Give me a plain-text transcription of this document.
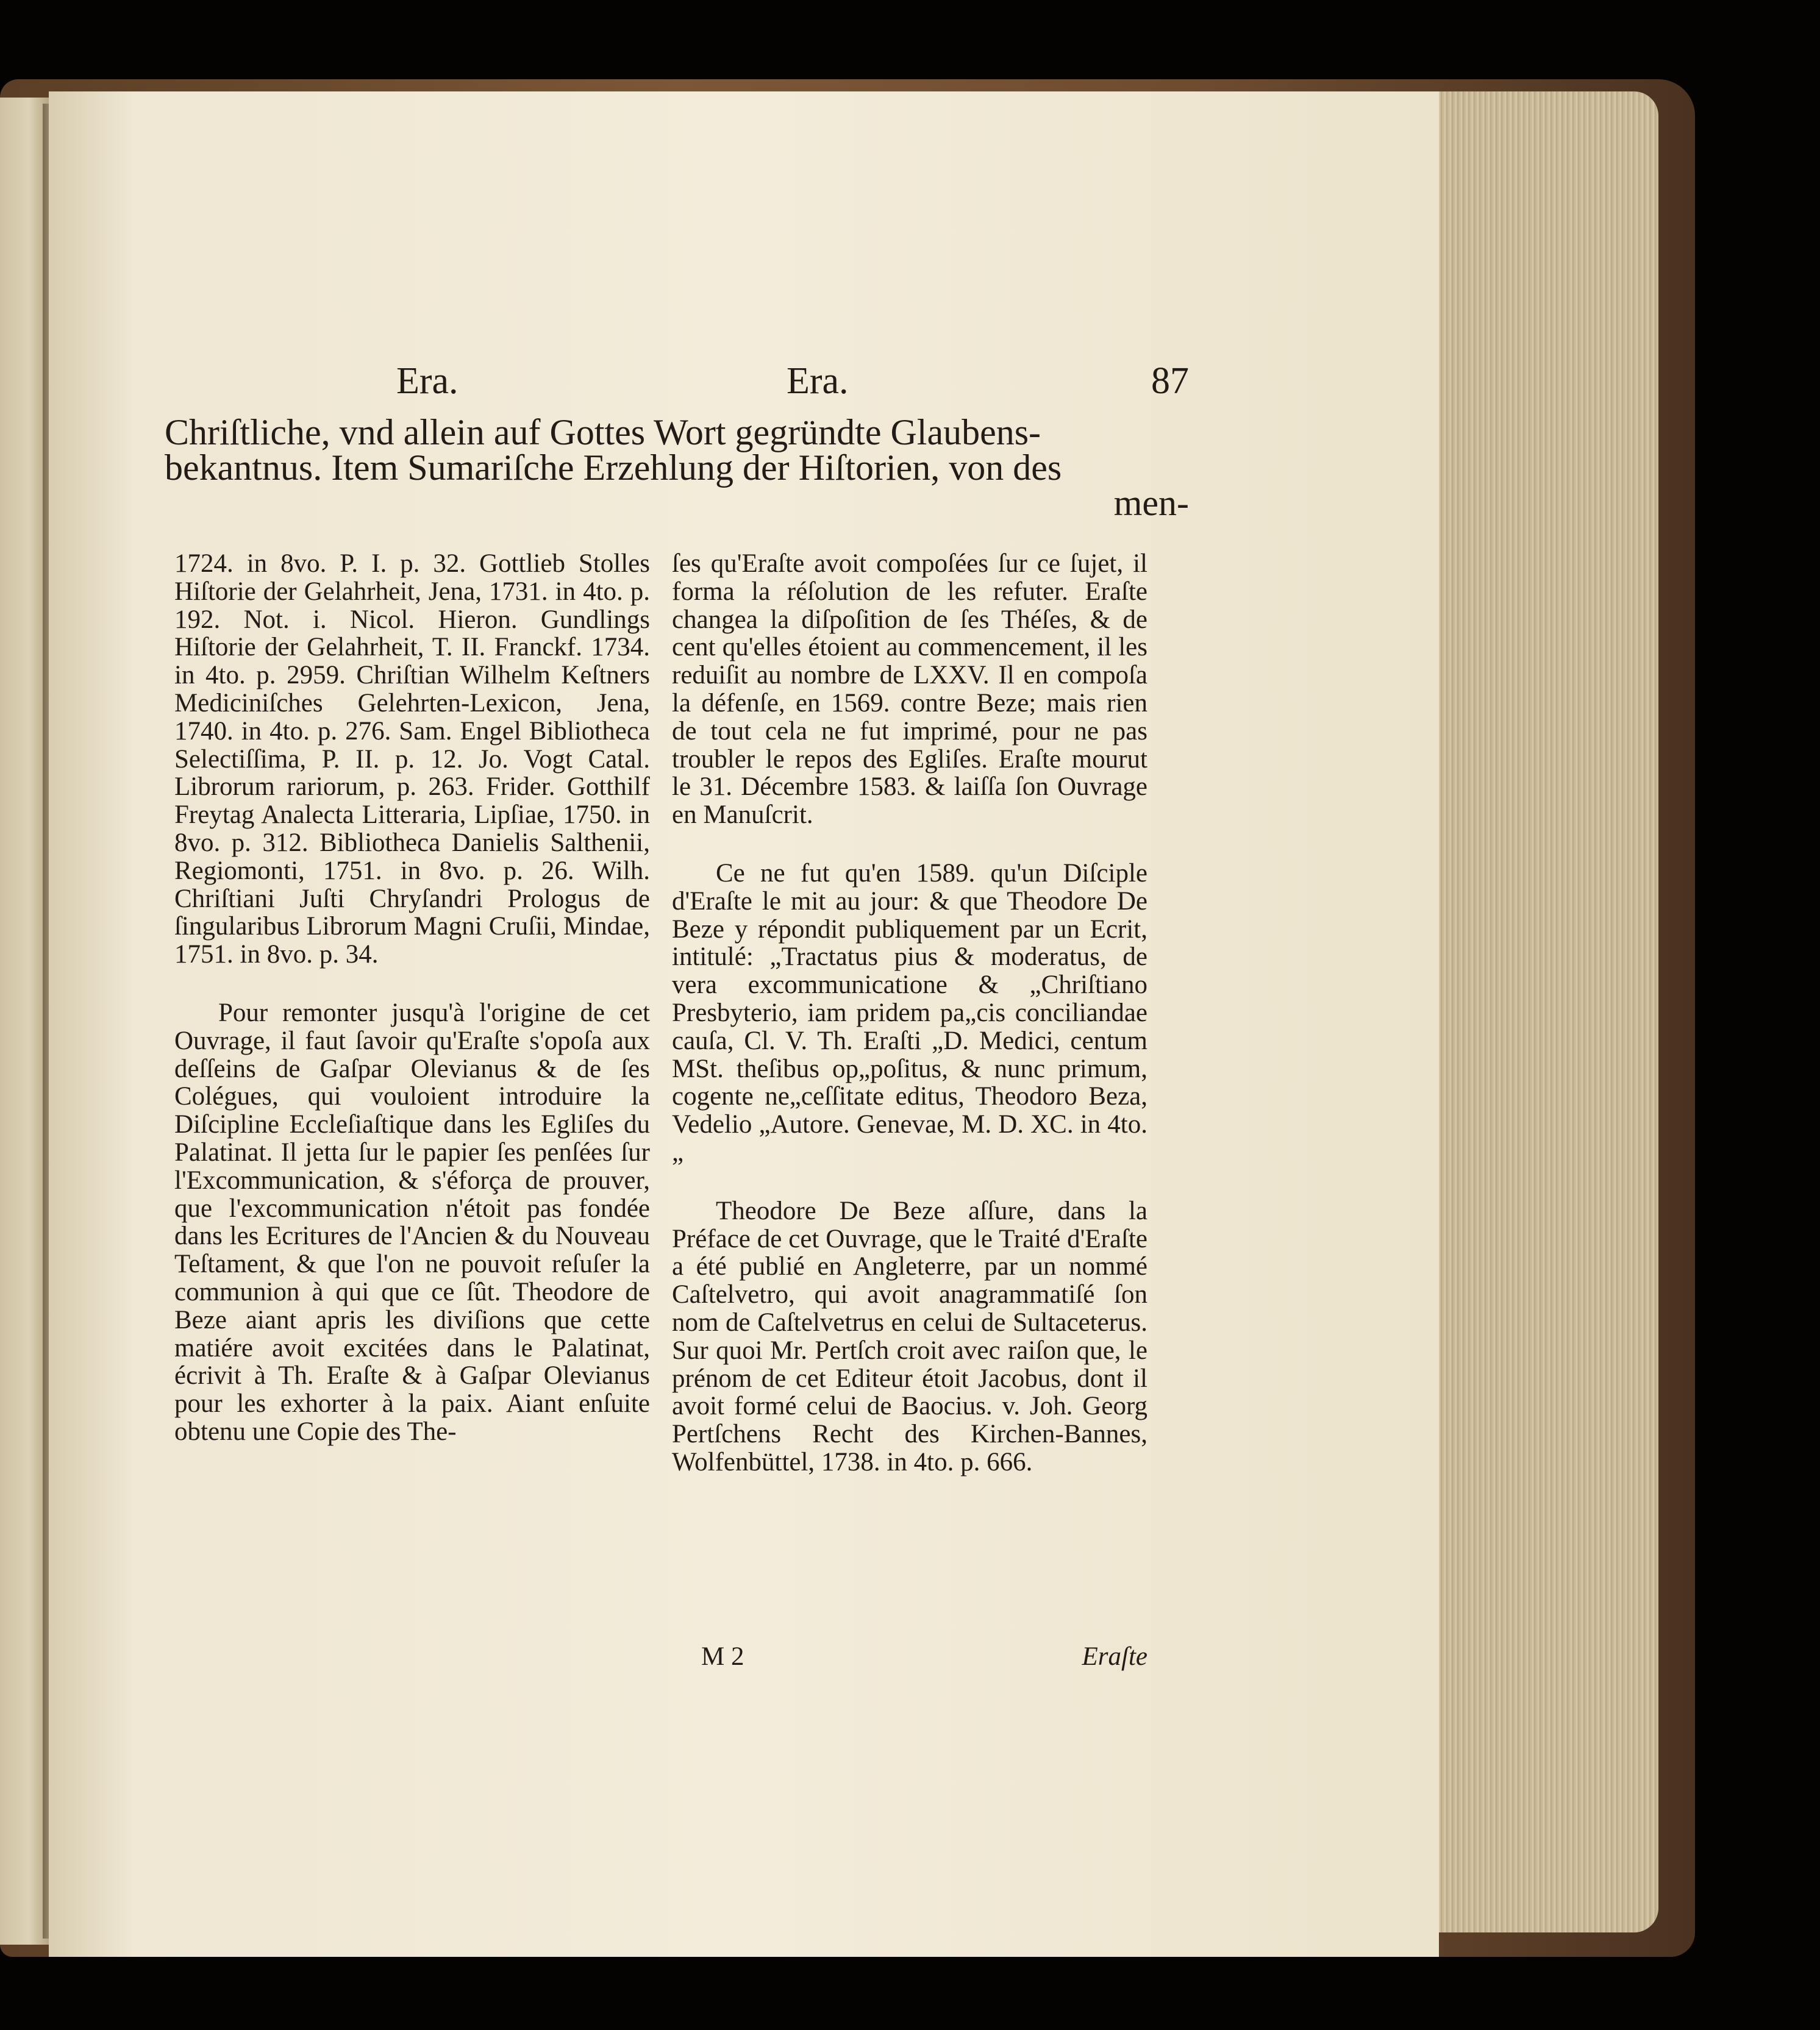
Era.	Era.	87
Chriſtliche, vnd allein auf Gottes Wort gegründte Glaubens-
bekantnus. Item Sumariſche Erzehlung der Hiſtorien, von des
men-

1724. in 8vo. P. I. p. 32. Gottlieb Stolles Hiſtorie der Gelahrheit, Jena, 1731. in 4to. p. 192. Not. i. Nicol. Hieron. Gundlings Hiſtorie der Gelahrheit, T. II. Franckf. 1734. in 4to. p. 2959. Chriſtian Wilhelm Keſtners Mediciniſches Gelehrten-Lexicon, Jena, 1740. in 4to. p. 276. Sam. Engel Bibliotheca Selectiſſima, P. II. p. 12. Jo. Vogt Catal. Librorum rariorum, p. 263. Frider. Gotthilf Freytag Analecta Litteraria, Lipſiae, 1750. in 8vo. p. 312. Bibliotheca Danielis Salthenii, Regiomonti, 1751. in 8vo. p. 26. Wilh. Chriſtiani Juſti Chryſandri Prologus de ſingularibus Librorum Magni Cruſii, Mindae, 1751. in 8vo. p. 34.

Pour remonter jusqu'à l'origine de cet Ouvrage, il faut ſavoir qu'Eraſte s'opoſa aux deſſeins de Gaſpar Olevianus & de ſes Colégues, qui vouloient introduire la Diſcipline Eccleſiaſtique dans les Egliſes du Palatinat. Il jetta ſur le papier ſes penſées ſur l'Excommunication, & s'éforça de prouver, que l'excommunication n'étoit pas fondée dans les Ecritures de l'Ancien & du Nouveau Teſtament, & que l'on ne pouvoit reſuſer la communion à qui que ce ſût. Theodore de Beze aiant apris les diviſions que cette matiére avoit excitées dans le Palatinat, écrivit à Th. Eraſte & à Gaſpar Olevianus pour les exhorter à la paix. Aiant enſuite obtenu une Copie des The-

ſes qu'Eraſte avoit compoſées ſur ce ſujet, il forma la réſolution de les refuter. Eraſte changea la diſpoſition de ſes Théſes, & de cent qu'elles étoient au commencement, il les reduiſit au nombre de LXXV. Il en compoſa la défenſe, en 1569. contre Beze; mais rien de tout cela ne fut imprimé, pour ne pas troubler le repos des Egliſes. Eraſte mourut le 31. Décembre 1583. & laiſſa ſon Ouvrage en Manuſcrit.

Ce ne fut qu'en 1589. qu'un Diſciple d'Eraſte le mit au jour: & que Theodore De Beze y répondit publiquement par un Ecrit, intitulé: „Tractatus pius & moderatus, de vera excommunicatione & „Chriſtiano Presbyterio, iam pridem pa„cis conciliandae cauſa, Cl. V. Th. Eraſti „D. Medici, centum MSt. theſibus op„poſitus, & nunc primum, cogente ne„ceſſitate editus, Theodoro Beza, Vedelio „Autore. Genevae, M. D. XC. in 4to.„

Theodore De Beze aſſure, dans la Préface de cet Ouvrage, que le Traité d'Eraſte a été publié en Angleterre, par un nommé Caſtelvetro, qui avoit anagrammatiſé ſon nom de Caſtelvetrus en celui de Sultaceterus. Sur quoi Mr. Pertſch croit avec raiſon que, le prénom de cet Editeur étoit Jacobus, dont il avoit formé celui de Baocius. v. Joh. Georg Pertſchens Recht des Kirchen-Bannes, Wolfenbüttel, 1738. in 4to. p. 666.

M 2	Eraſte
